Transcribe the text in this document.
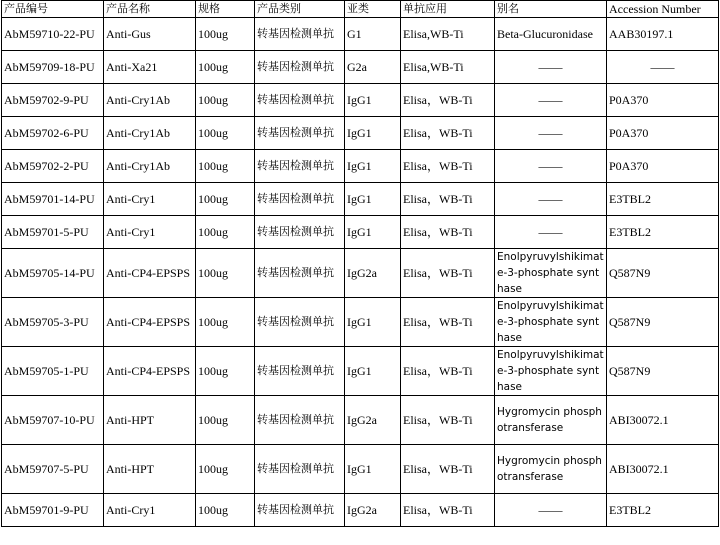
产品编号	产品名称	规格	产品类别	亚类	单抗应用	别名	Accession Number
AbM59710-22-PU	Anti-Gus	100ug	转基因检测单抗	G1	Elisa,WB-Ti	Beta-Glucuronidase	AAB30197.1
AbM59709-18-PU	Anti-Xa21	100ug	转基因检测单抗	G2a	Elisa,WB-Ti	——	——
AbM59702-9-PU	Anti-Cry1Ab	100ug	转基因检测单抗	IgG1	Elisa，WB-Ti	——	P0A370
AbM59702-6-PU	Anti-Cry1Ab	100ug	转基因检测单抗	IgG1	Elisa，WB-Ti	——	P0A370
AbM59702-2-PU	Anti-Cry1Ab	100ug	转基因检测单抗	IgG1	Elisa，WB-Ti	——	P0A370
AbM59701-14-PU	Anti-Cry1	100ug	转基因检测单抗	IgG1	Elisa，WB-Ti	——	E3TBL2
AbM59701-5-PU	Anti-Cry1	100ug	转基因检测单抗	IgG1	Elisa，WB-Ti	——	E3TBL2
AbM59705-14-PU	Anti-CP4-EPSPS	100ug	转基因检测单抗	IgG2a	Elisa，WB-Ti	Enolpyruvylshikimate-3-phosphate synthase	Q587N9
AbM59705-3-PU	Anti-CP4-EPSPS	100ug	转基因检测单抗	IgG1	Elisa，WB-Ti	Enolpyruvylshikimate-3-phosphate synthase	Q587N9
AbM59705-1-PU	Anti-CP4-EPSPS	100ug	转基因检测单抗	IgG1	Elisa，WB-Ti	Enolpyruvylshikimate-3-phosphate synthase	Q587N9
AbM59707-10-PU	Anti-HPT	100ug	转基因检测单抗	IgG2a	Elisa，WB-Ti	Hygromycin phosphotransferase	ABI30072.1
AbM59707-5-PU	Anti-HPT	100ug	转基因检测单抗	IgG1	Elisa，WB-Ti	Hygromycin phosphotransferase	ABI30072.1
AbM59701-9-PU	Anti-Cry1	100ug	转基因检测单抗	IgG2a	Elisa，WB-Ti	——	E3TBL2
